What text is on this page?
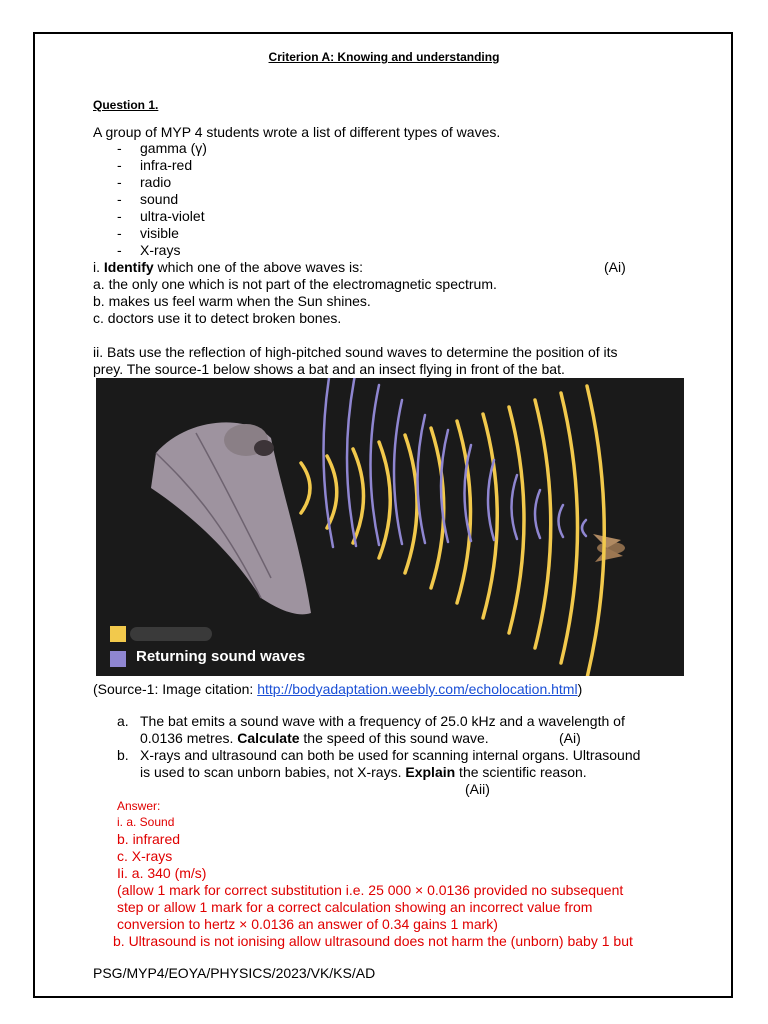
Criterion A: Knowing and understanding
Question 1.
A group of MYP 4 students wrote a list of different types of waves.
- gamma (γ)
- infra-red
- radio
- sound
- ultra-violet
- visible
- X-rays
i. Identify which one of the above waves is:	(Ai)
a. the only one which is not part of the electromagnetic spectrum.
b. makes us feel warm when the Sun shines.
c. doctors use it to detect broken bones.
ii. Bats use the reflection of high-pitched sound waves to determine the position of its
prey. The source-1 below shows a bat and an insect flying in front of the bat.
Returning sound waves
(Source-1: Image citation: http://bodyadaptation.weebly.com/echolocation.html)
a. The bat emits a sound wave with a frequency of 25.0 kHz and a wavelength of
0.0136 metres. Calculate the speed of this sound wave.	(Ai)
b. X-rays and ultrasound can both be used for scanning internal organs. Ultrasound
is used to scan unborn babies, not X-rays. Explain the scientific reason.
(Aii)
Answer:
i. a. Sound
b. infrared
c. X-rays
Ii. a. 340 (m/s)
(allow 1 mark for correct substitution i.e. 25 000 × 0.0136 provided no subsequent
step or allow 1 mark for a correct calculation showing an incorrect value from
conversion to hertz × 0.0136 an answer of 0.34 gains 1 mark)
b. Ultrasound is not ionising allow ultrasound does not harm the (unborn) baby 1 but
PSG/MYP4/EOYA/PHYSICS/2023/VK/KS/AD
